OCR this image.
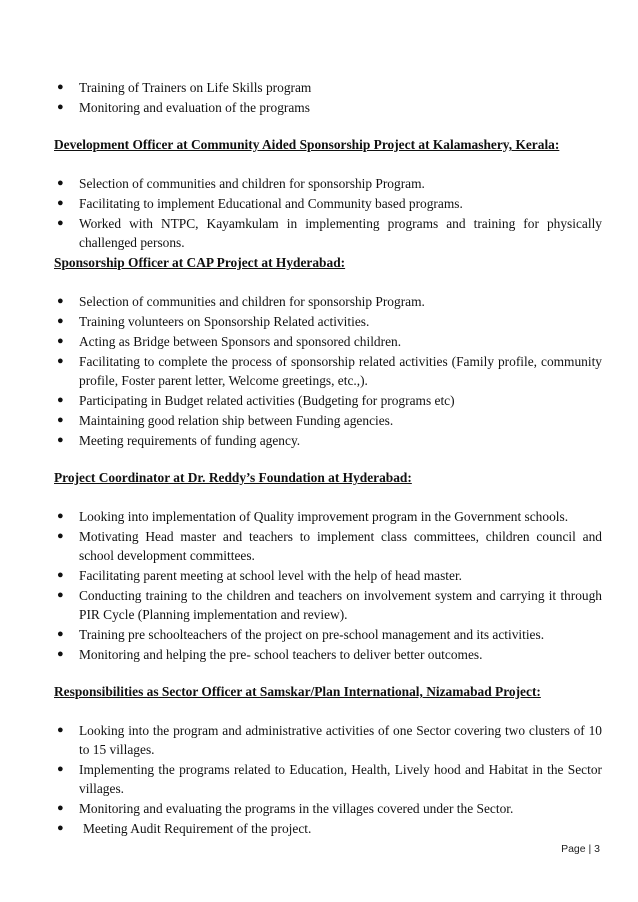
● Training of Trainers on Life Skills program
● Monitoring and evaluation of the programs

Development Officer at Community Aided Sponsorship Project at Kalamashery, Kerala:

● Selection of communities and children for sponsorship Program.
● Facilitating to implement Educational and Community based programs.
● Worked with NTPC, Kayamkulam in implementing programs and training for physically challenged persons.

Sponsorship Officer at CAP Project at Hyderabad:

● Selection of communities and children for sponsorship Program.
● Training volunteers on Sponsorship Related activities.
● Acting as Bridge between Sponsors and sponsored children.
● Facilitating to complete the process of sponsorship related activities (Family profile, community profile, Foster parent letter, Welcome greetings, etc.,).
● Participating in Budget related activities (Budgeting for programs etc)
● Maintaining good relation ship between Funding agencies.
● Meeting requirements of funding agency.

Project Coordinator at Dr. Reddy’s Foundation at Hyderabad:

● Looking into implementation of Quality improvement program in the Government schools.
● Motivating Head master and teachers to implement class committees, children council and school development committees.
● Facilitating parent meeting at school level with the help of head master.
● Conducting training to the children and teachers on involvement system and carrying it through PIR Cycle (Planning implementation and review).
● Training pre schoolteachers of the project on pre-school management and its activities.
● Monitoring and helping the pre- school teachers to deliver better outcomes.

Responsibilities as Sector Officer at Samskar/Plan International, Nizamabad Project:

● Looking into the program and administrative activities of one Sector covering two clusters of 10 to 15 villages.
● Implementing the programs related to Education, Health, Lively hood and Habitat in the Sector villages.
● Monitoring and evaluating the programs in the villages covered under the Sector.
● Meeting Audit Requirement of the project.
Page | 3
